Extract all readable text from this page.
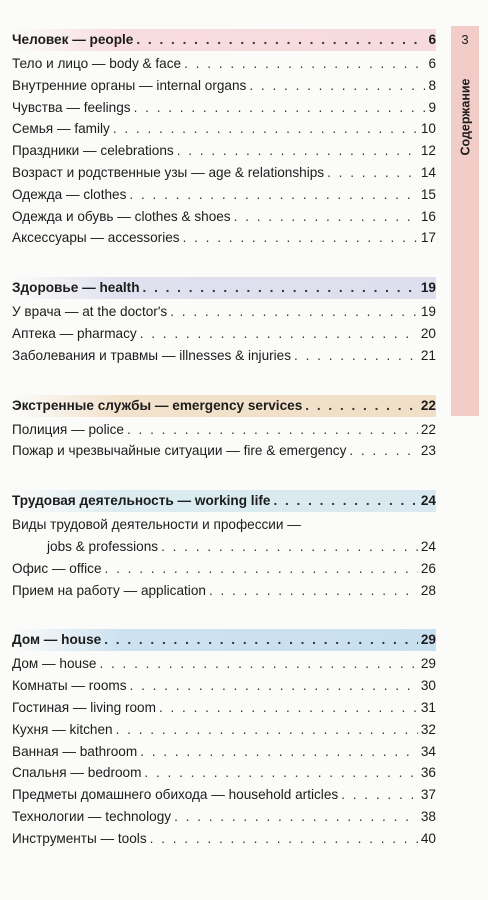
3
Содержание
Человек — people . . .	6
Тело и лицо — body & face . . .	6
Внутренние органы — internal organs . . .	8
Чувства — feelings . . .	9
Семья — family . . .	10
Праздники — celebrations . . .	12
Возраст и родственные узы — age & relationships . . .	14
Одежда — clothes . . .	15
Одежда и обувь — clothes & shoes . . .	16
Аксессуары — accessories . . .	17
Здоровье — health . . .	19
У врача — at the doctor's . . .	19
Аптека — pharmacy . . .	20
Заболевания и травмы — illnesses & injuries . . .	21
Экстренные службы — emergency services . . .	22
Полиция — police . . .	22
Пожар и чрезвычайные ситуации — fire & emergency . . .	23
Трудовая деятельность — working life . . .	24
Виды трудовой деятельности и профессии —
jobs & professions . . .	24
Офис — office . . .	26
Прием на работу — application . . .	28
Дом — house . . .	29
Дом — house . . .	29
Комнаты — rooms . . .	30
Гостиная — living room . . .	31
Кухня — kitchen . . .	32
Ванная — bathroom . . .	34
Спальня — bedroom . . .	36
Предметы домашнего обихода — household articles . . .	37
Технологии — technology . . .	38
Инструменты — tools . . .	40
